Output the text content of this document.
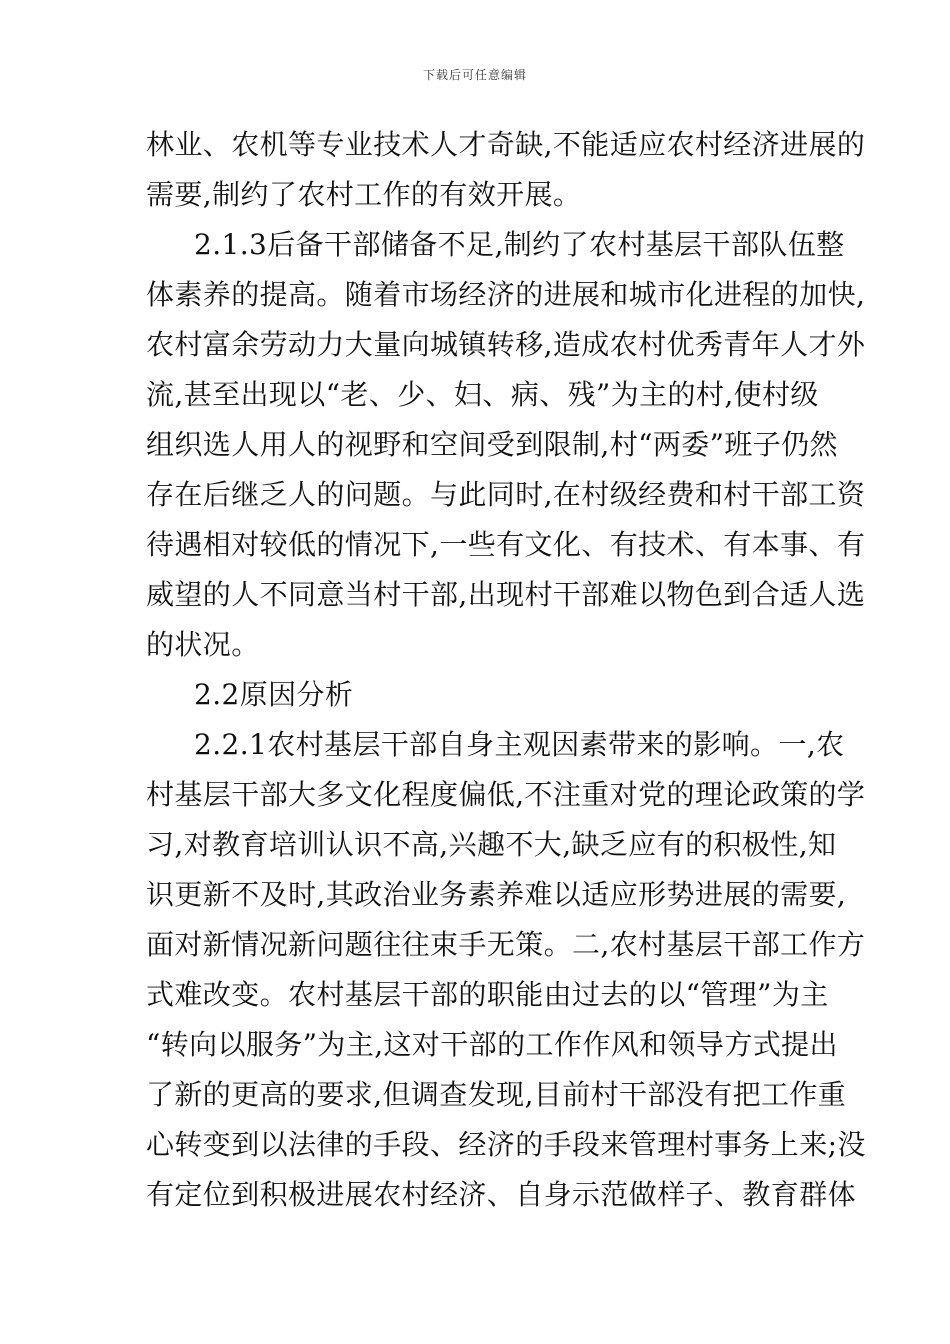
下载后可任意编辑
林业、农机等专业技术人才奇缺,不能适应农村经济进展的
需要,制约了农村工作的有效开展。
2.1.3后备干部储备不足,制约了农村基层干部队伍整
体素养的提高。随着市场经济的进展和城市化进程的加快,
农村富余劳动力大量向城镇转移,造成农村优秀青年人才外
流,甚至出现以“老、少、妇、病、残”为主的村,使村级
组织选人用人的视野和空间受到限制,村“两委”班子仍然
存在后继乏人的问题。与此同时,在村级经费和村干部工资
待遇相对较低的情况下,一些有文化、有技术、有本事、有
威望的人不同意当村干部,出现村干部难以物色到合适人选
的状况。
2.2原因分析
2.2.1农村基层干部自身主观因素带来的影响。一,农
村基层干部大多文化程度偏低,不注重对党的理论政策的学
习,对教育培训认识不高,兴趣不大,缺乏应有的积极性,知
识更新不及时,其政治业务素养难以适应形势进展的需要,
面对新情况新问题往往束手无策。二,农村基层干部工作方
式难改变。农村基层干部的职能由过去的以“管理”为主
“转向以服务”为主,这对干部的工作作风和领导方式提出
了新的更高的要求,但调查发现,目前村干部没有把工作重
心转变到以法律的手段、经济的手段来管理村事务上来;没
有定位到积极进展农村经济、自身示范做样子、教育群体
